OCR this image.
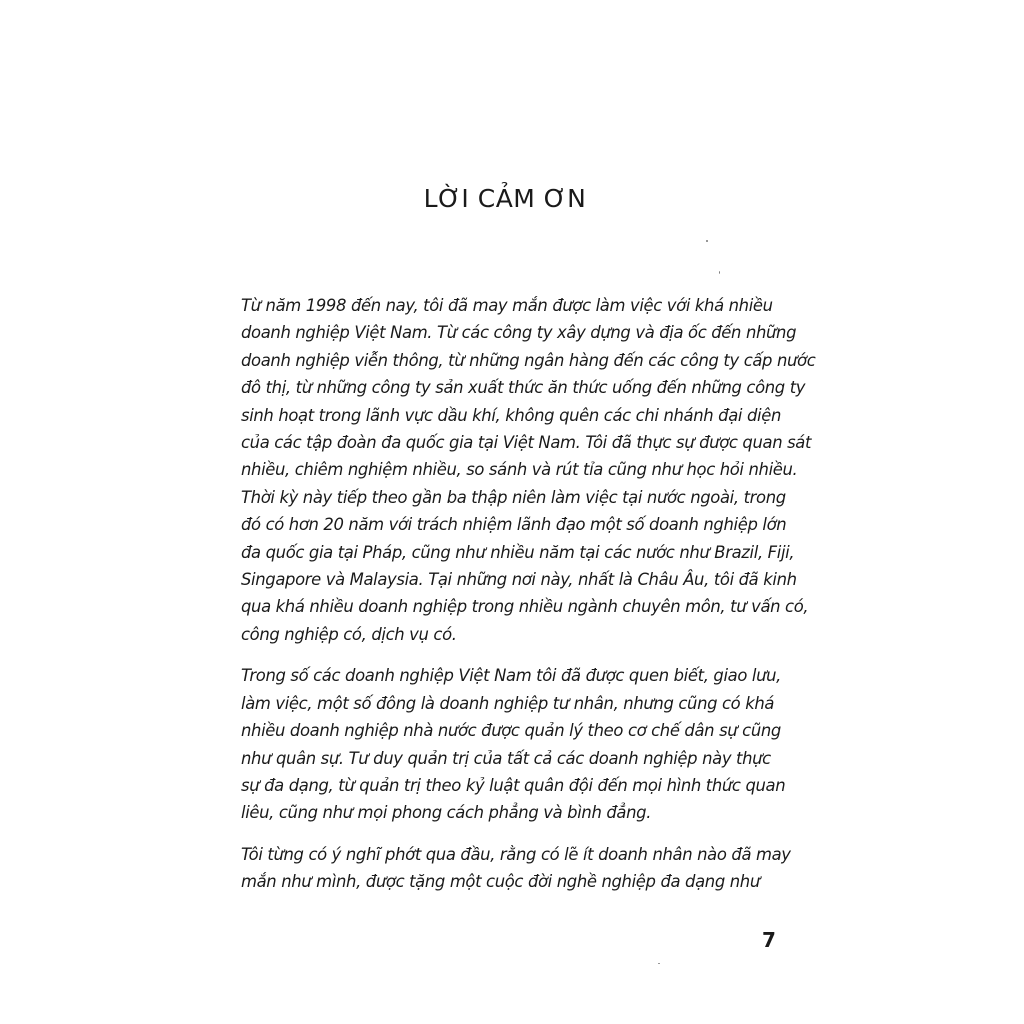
LỜI CẢM ƠN
Từ năm 1998 đến nay, tôi đã may mắn được làm việc với khá nhiều
doanh nghiệp Việt Nam. Từ các công ty xây dựng và địa ốc đến những
doanh nghiệp viễn thông, từ những ngân hàng đến các công ty cấp nước
đô thị, từ những công ty sản xuất thức ăn thức uống đến những công ty
sinh hoạt trong lãnh vực dầu khí, không quên các chi nhánh đại diện
của các tập đoàn đa quốc gia tại Việt Nam. Tôi đã thực sự được quan sát
nhiều, chiêm nghiệm nhiều, so sánh và rút tỉa cũng như học hỏi nhiều.
Thời kỳ này tiếp theo gần ba thập niên làm việc tại nước ngoài, trong
đó có hơn 20 năm với trách nhiệm lãnh đạo một số doanh nghiệp lớn
đa quốc gia tại Pháp, cũng như nhiều năm tại các nước như Brazil, Fiji,
Singapore và Malaysia. Tại những nơi này, nhất là Châu Âu, tôi đã kinh
qua khá nhiều doanh nghiệp trong nhiều ngành chuyên môn, tư vấn có,
công nghiệp có, dịch vụ có.
Trong số các doanh nghiệp Việt Nam tôi đã được quen biết, giao lưu,
làm việc, một số đông là doanh nghiệp tư nhân, nhưng cũng có khá
nhiều doanh nghiệp nhà nước được quản lý theo cơ chế dân sự cũng
như quân sự. Tư duy quản trị của tất cả các doanh nghiệp này thực
sự đa dạng, từ quản trị theo kỷ luật quân đội đến mọi hình thức quan
liêu, cũng như mọi phong cách phẳng và bình đẳng.
Tôi từng có ý nghĩ phớt qua đầu, rằng có lẽ ít doanh nhân nào đã may
mắn như mình, được tặng một cuộc đời nghề nghiệp đa dạng như
7
